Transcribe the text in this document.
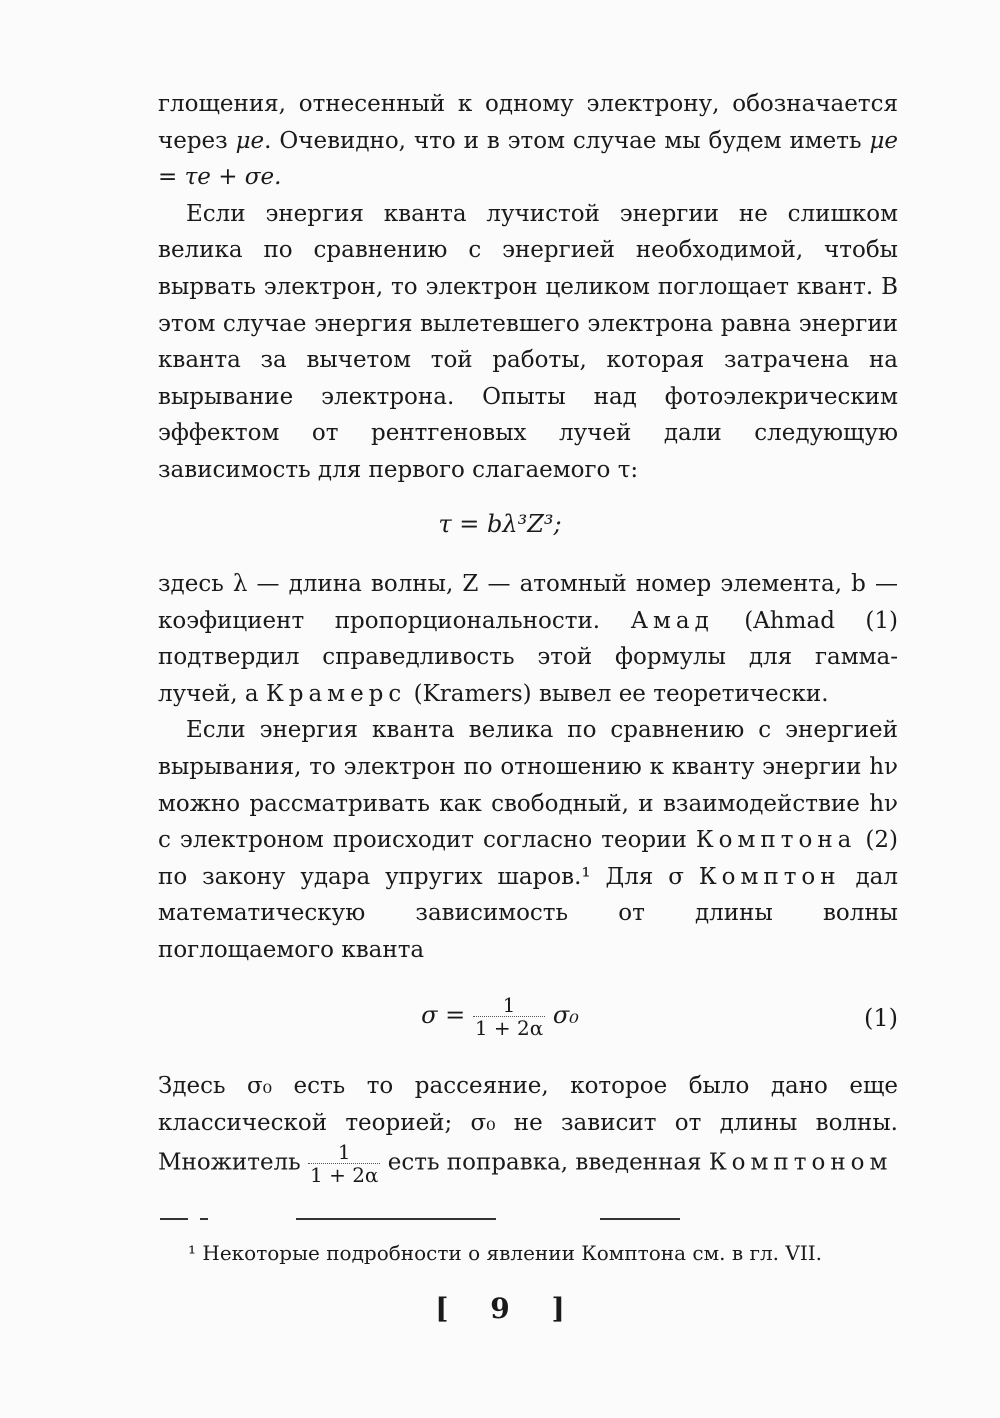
глощения, отнесенный к одному электрону, обозначается через μe. Очевидно, что и в этом случае мы будем иметь μe = τe + σe.

Если энергия кванта лучистой энергии не слишком велика по сравнению с энергией необходимой, чтобы вырвать электрон, то электрон целиком поглощает квант. В этом случае энергия вылетевшего электрона равна энергии кванта за вычетом той работы, которая затрачена на вырывание электрона. Опыты над фотоэлекрическим эффектом от рентгеновых лучей дали следующую зависимость для первого слагаемого τ:

τ = bλ³Z³;

здесь λ — длина волны, Z — атомный номер элемента, b — коэфициент пропорциональности. Амад (Ahmad (1) подтвердил справедливость этой формулы для гамма-лучей, а Крамерс (Kramers) вывел ее теоретически.

Если энергия кванта велика по сравнению с энергией вырывания, то электрон по отношению к кванту энергии hν можно рассматривать как свободный, и взаимодействие hν с электроном происходит согласно теории Комптона (2) по закону удара упругих шаров.¹ Для σ Комптон дал математическую зависимость от длины волны поглощаемого кванта

$\sigma = \frac{1}{1 + 2\alpha} \sigma_0$	(1)

Здесь σ₀ есть то рассеяние, которое было дано еще классической теорией; σ₀ не зависит от длины волны. Множитель $\frac{1}{1 + 2\alpha}$ есть поправка, введенная Комптоном

¹ Некоторые подробности о явлении Комптона см. в гл. VII.
[ 9 ]
